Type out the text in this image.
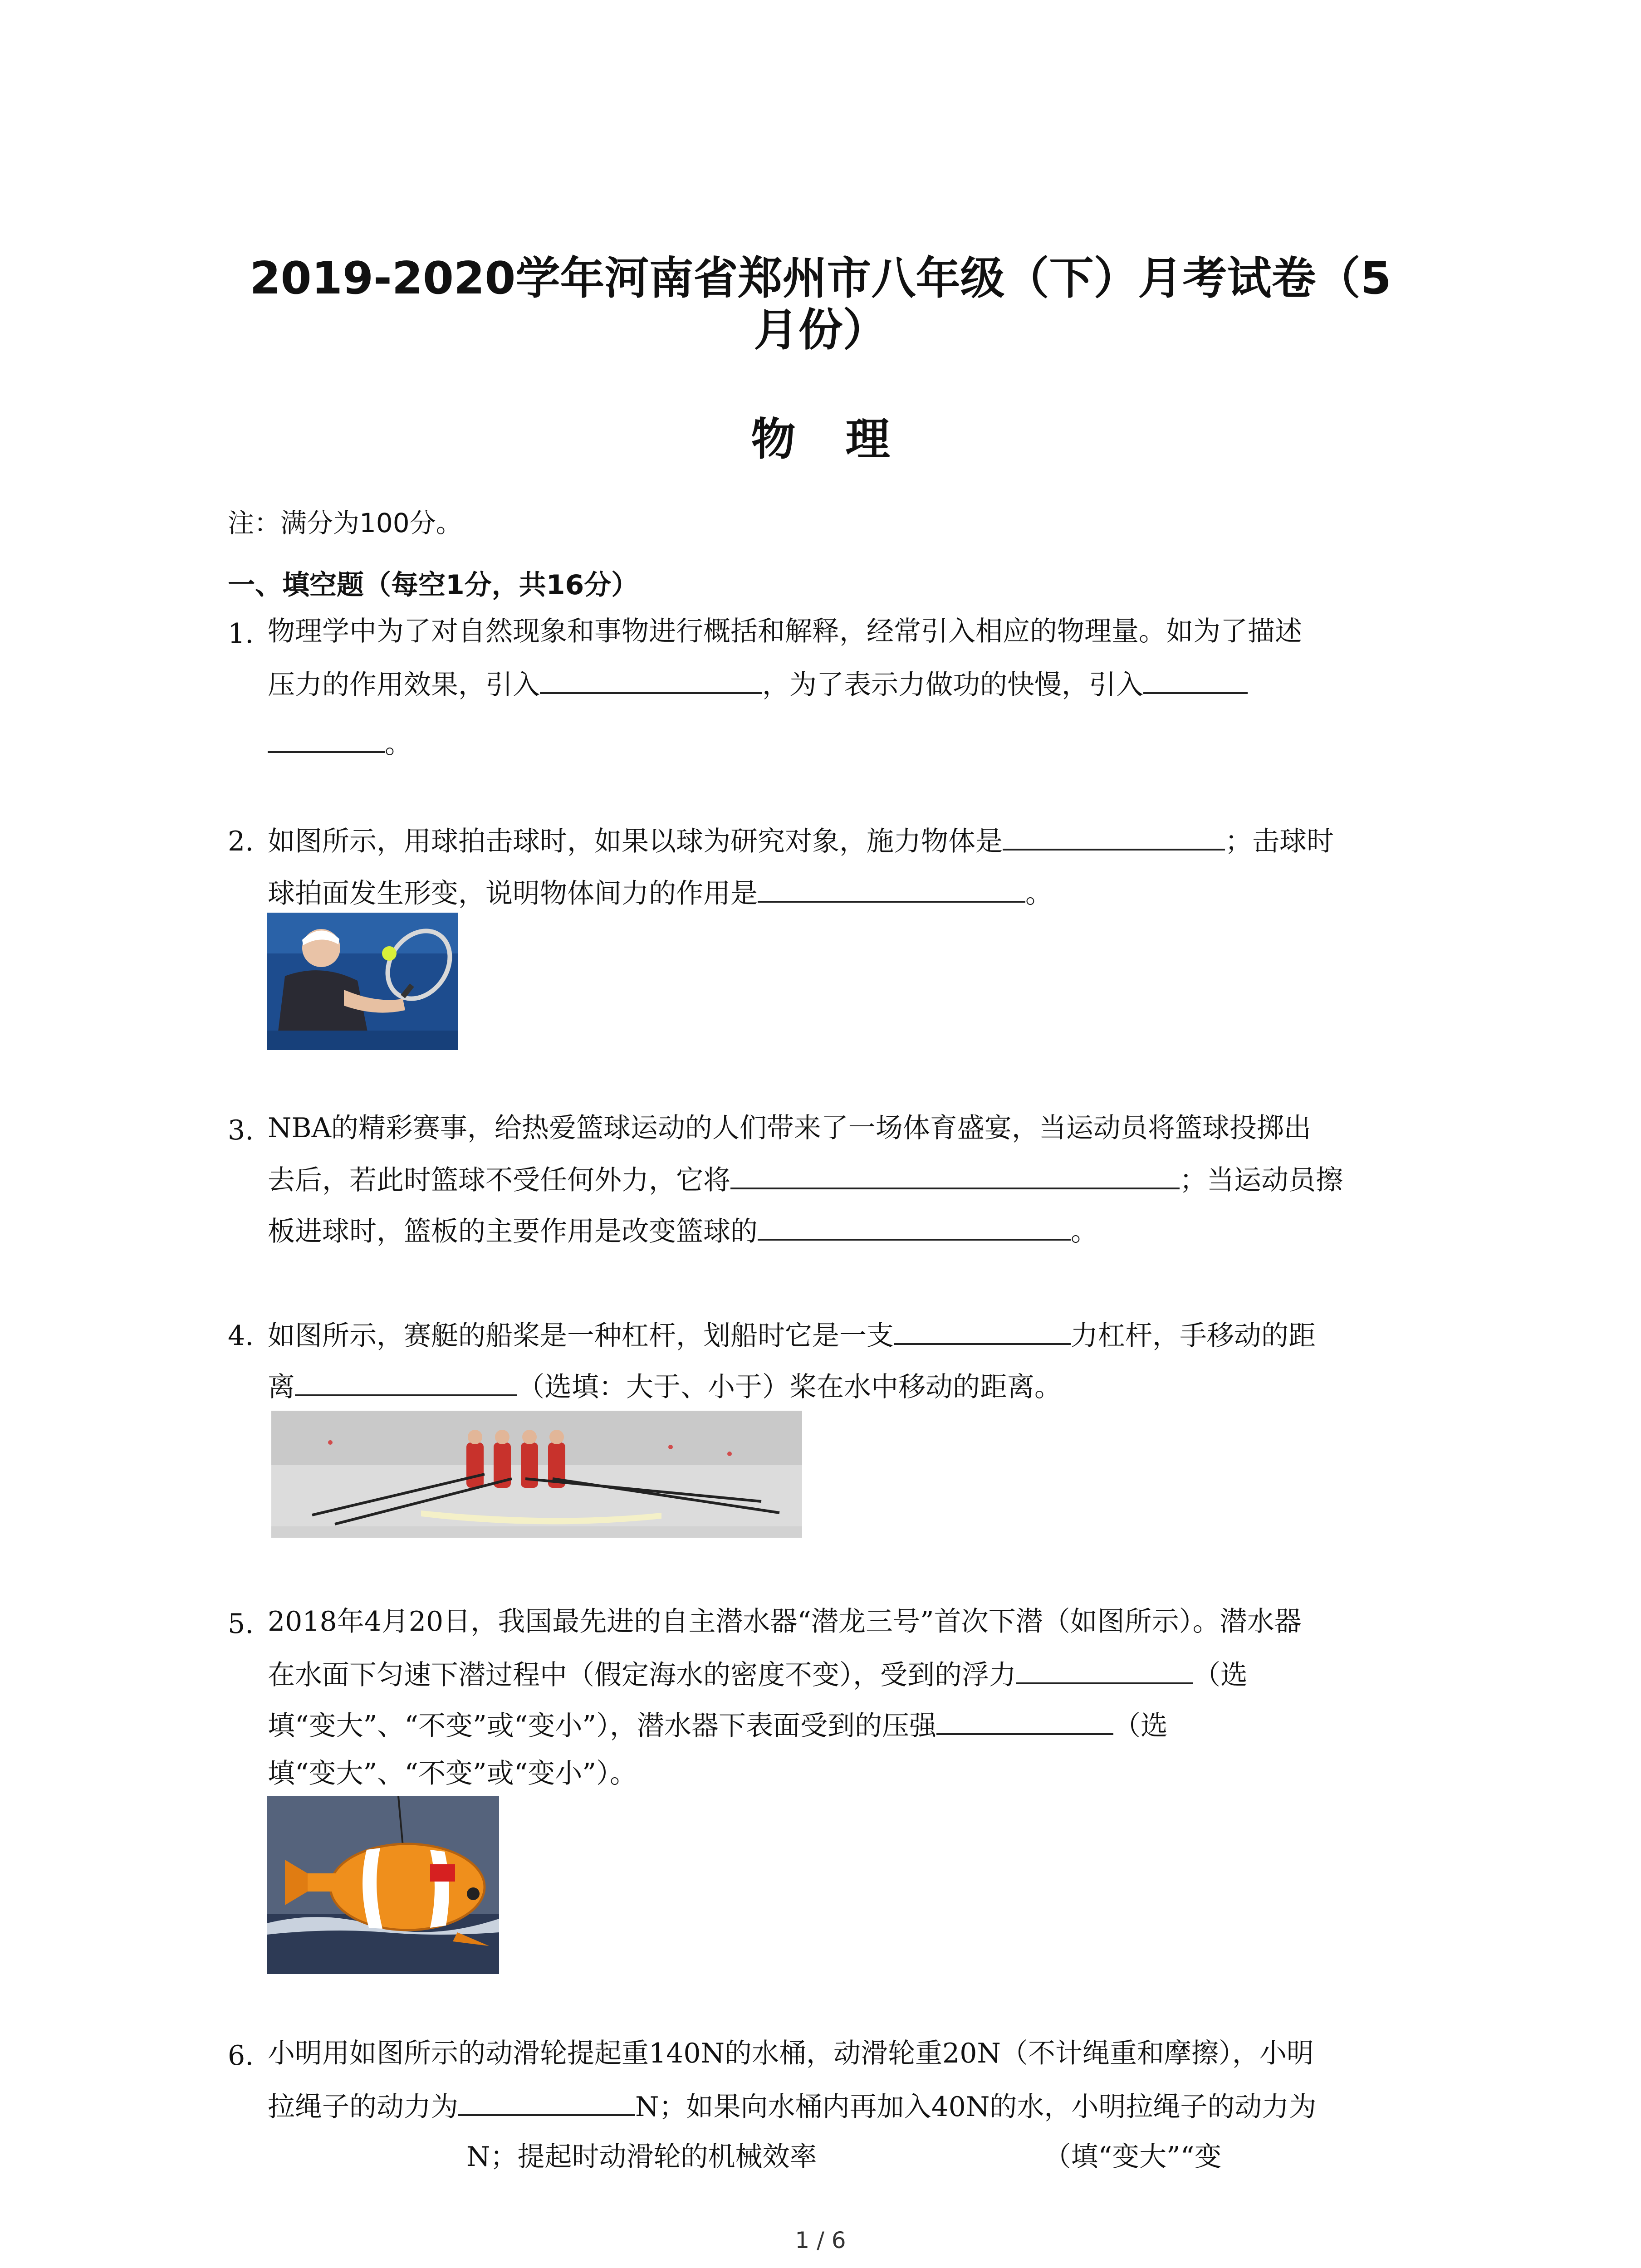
2019-2020学年河南省郑州市八年级（下）月考试卷（5
月份）
物理
注：满分为100分。
一、填空题（每空1分，共16分）
1. 物理学中为了对自然现象和事物进行概括和解释，经常引入相应的物理量。如为了描述
压力的作用效果，引入	，为了表示力做功的快慢，引入
。
2. 如图所示，用球拍击球时，如果以球为研究对象，施力物体是	；击球时
球拍面发生形变，说明物体间力的作用是	。
3. NBA的精彩赛事，给热爱篮球运动的人们带来了一场体育盛宴，当运动员将篮球投掷出
去后，若此时篮球不受任何外力，它将	；当运动员擦
板进球时，篮板的主要作用是改变篮球的	。
4. 如图所示，赛艇的船桨是一种杠杆，划船时它是一支	力杠杆，手移动的距
离	（选填：大于、小于）桨在水中移动的距离。
5. 2018年4月20日，我国最先进的自主潜水器“潜龙三号”首次下潜（如图所示）。潜水器
在水面下匀速下潜过程中（假定海水的密度不变），受到的浮力	（选
填“变大”、“不变”或“变小”），潜水器下表面受到的压强	（选
填“变大”、“不变”或“变小”）。
6. 小明用如图所示的动滑轮提起重140N的水桶，动滑轮重20N（不计绳重和摩擦），小明
拉绳子的动力为	N；如果向水桶内再加入40N的水，小明拉绳子的动力为
N；提起时动滑轮的机械效率	（填“变大”“变
1 / 6
